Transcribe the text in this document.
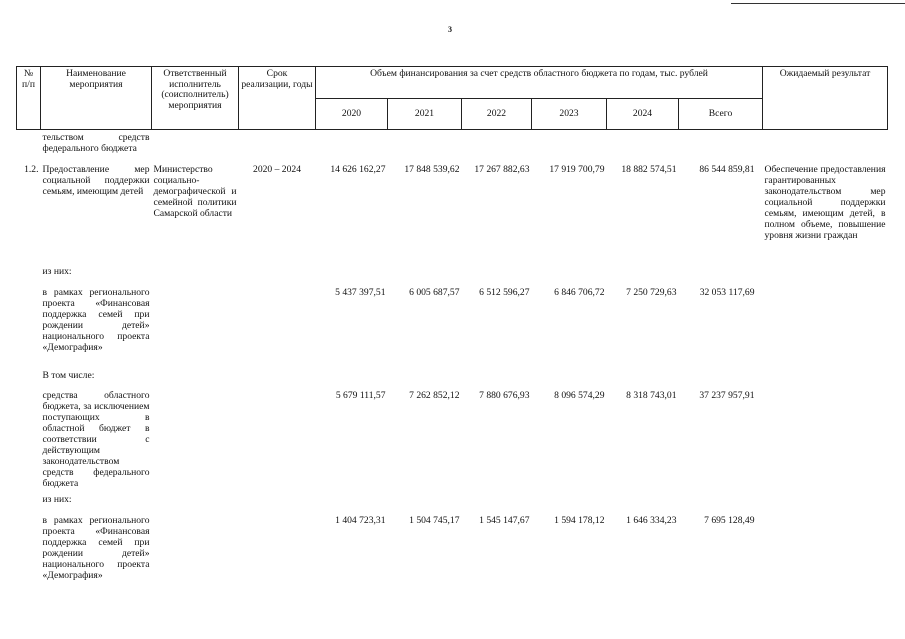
3
№ п/п	Наименование мероприятия	Ответственный исполнитель (соисполнитель) мероприятия	Срок реализации, годы	Объем финансирования за счет средств областного бюджета по годам, тыс. рублей						Ожидаемый результат
				2020	2021	2022	2023	2024	Всего	
	тельством средств федерального бюджета									
1.2.	Предоставление мер социальной поддержки семьям, имеющим детей	Министерство социально-демографической и семейной политики Самарской области	2020 – 2024	14 626 162,27	17 848 539,62	17 267 882,63	17 919 700,79	18 882 574,51	86 544 859,81	Обеспечение предоставления гарантированных законодательством мер социальной поддержки семьям, имеющим детей, в полном объеме, повышение уровня жизни граждан
	из них:									
	в рамках регионального проекта «Финансовая поддержка семей при рождении детей» национального проекта «Демография»			5 437 397,51	6 005 687,57	6 512 596,27	6 846 706,72	7 250 729,63	32 053 117,69	
	В том числе:									
	средства областного бюджета, за исключением поступающих в областной бюджет в соответствии с действующим законодательством средств федерального бюджета			5 679 111,57	7 262 852,12	7 880 676,93	8 096 574,29	8 318 743,01	37 237 957,91	
	из них:									
	в рамках регионального проекта «Финансовая поддержка семей при рождении детей» национального проекта «Демография»			1 404 723,31	1 504 745,17	1 545 147,67	1 594 178,12	1 646 334,23	7 695 128,49	
